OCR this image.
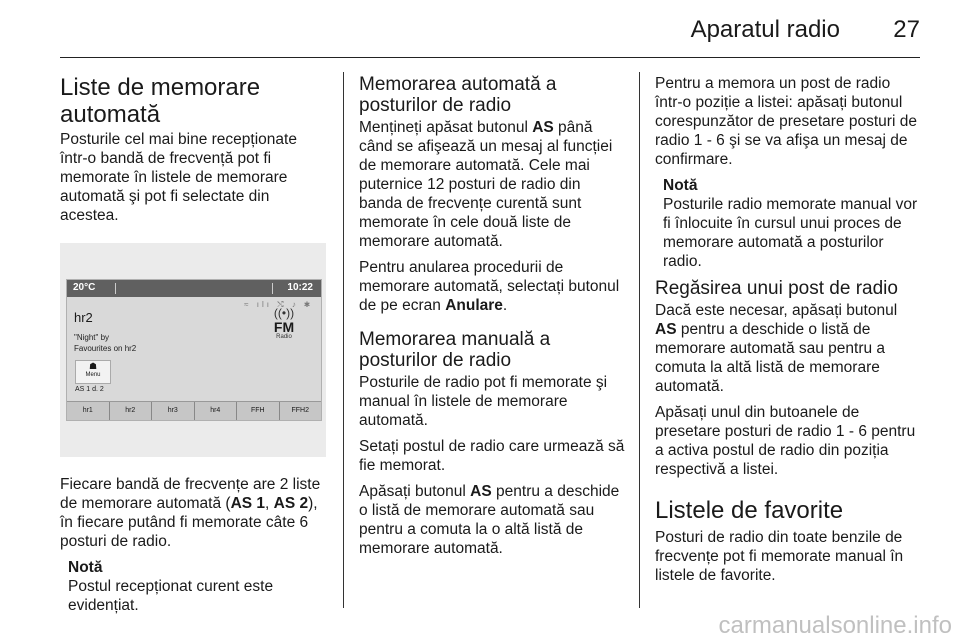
Aparatul radio 27
Liste de memorare automată

Posturile cel mai bine recepționate într-o bandă de frecvență pot fi memorate în listele de memorare automată şi pot fi selectate din acestea.

20°C	10:22
≈ ılı ⤭ ♪ ✱
hr2
"Night" by
Favourites on hr2
((•))
FM
Radio
☗
Menu
AS 1 d. 2
hr1	hr2	hr3	hr4	FFH	FFH2

Fiecare bandă de frecvențe are 2 liste de memorare automată (AS 1, AS 2), în fiecare putând fi memorate câte 6 posturi de radio.

Notă
Postul recepționat curent este evidențiat.
Memorarea automată a posturilor de radio

Mențineți apăsat butonul AS până când se afişează un mesaj al funcției de memorare automată. Cele mai puternice 12 posturi de radio din banda de frecvențe curentă sunt memorate în cele două liste de memorare automată.

Pentru anularea procedurii de memorare automată, selectați butonul de pe ecran Anulare.

Memorarea manuală a posturilor de radio

Posturile de radio pot fi memorate şi manual în listele de memorare automată.

Setați postul de radio care urmează să fie memorat.

Apăsați butonul AS pentru a deschide o listă de memorare automată sau pentru a comuta la o altă listă de memorare automată.

Pentru a memora un post de radio într-o poziție a listei: apăsați butonul corespunzător de presetare posturi de radio 1 - 6 şi se va afişa un mesaj de confirmare.

Notă
Posturile radio memorate manual vor fi înlocuite în cursul unui proces de memorare automată a posturilor radio.
Regăsirea unui post de radio

Dacă este necesar, apăsați butonul AS pentru a deschide o listă de memorare automată sau pentru a comuta la altă listă de memorare automată.

Apăsați unul din butoanele de presetare posturi de radio 1 - 6 pentru a activa postul de radio din poziția respectivă a listei.

Listele de favorite

Posturi de radio din toate benzile de frecvențe pot fi memorate manual în listele de favorite.

carmanualsonline.info
